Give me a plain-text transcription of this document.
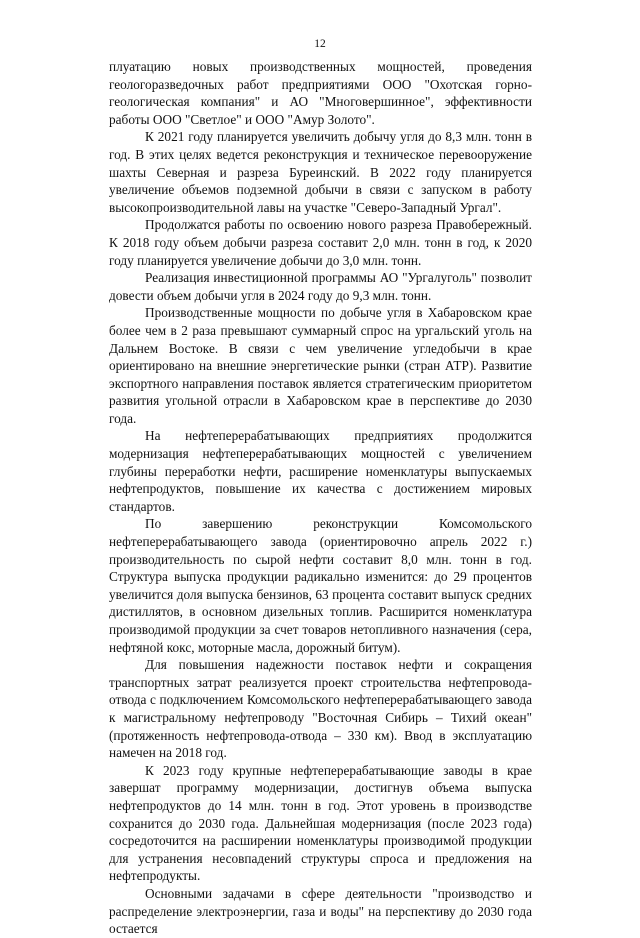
12

плуатацию новых производственных мощностей, проведения геологоразведочных работ предприятиями ООО "Охотская горно-геологическая компания" и АО "Многовершинное", эффективности работы ООО "Светлое" и ООО "Амур Золото".

К 2021 году планируется увеличить добычу угля до 8,3 млн. тонн в год. В этих целях ведется реконструкция и техническое перевооружение шахты Северная и разреза Буреинский. В 2022 году планируется увеличение объемов подземной добычи в связи с запуском в работу высокопроизводительной лавы на участке "Северо-Западный Ургал".

Продолжатся работы по освоению нового разреза Правобережный. К 2018 году объем добычи разреза составит 2,0 млн. тонн в год, к 2020 году планируется увеличение добычи до 3,0 млн. тонн.

Реализация инвестиционной программы АО "Ургалуголь" позволит довести объем добычи угля в 2024 году до 9,3 млн. тонн.

Производственные мощности по добыче угля в Хабаровском крае более чем в 2 раза превышают суммарный спрос на ургальский уголь на Дальнем Востоке. В связи с чем увеличение угледобычи в крае ориентировано на внешние энергетические рынки (стран АТР). Развитие экспортного направления поставок является стратегическим приоритетом развития угольной отрасли в Хабаровском крае в перспективе до 2030 года.

На нефтеперерабатывающих предприятиях продолжится модернизация нефтеперерабатывающих мощностей с увеличением глубины переработки нефти, расширение номенклатуры выпускаемых нефтепродуктов, повышение их качества с достижением мировых стандартов.

По завершению реконструкции Комсомольского нефтеперерабатывающего завода (ориентировочно апрель 2022 г.) производительность по сырой нефти составит 8,0 млн. тонн в год. Структура выпуска продукции радикально изменится: до 29 процентов увеличится доля выпуска бензинов, 63 процента составит выпуск средних дистиллятов, в основном дизельных топлив. Расширится номенклатура производимой продукции за счет товаров нетопливного назначения (сера, нефтяной кокс, моторные масла, дорожный битум).

Для повышения надежности поставок нефти и сокращения транспортных затрат реализуется проект строительства нефтепровода-отвода с подключением Комсомольского нефтеперерабатывающего завода к магистральному нефтепроводу "Восточная Сибирь – Тихий океан" (протяженность нефтепровода-отвода – 330 км). Ввод в эксплуатацию намечен на 2018 год.

К 2023 году крупные нефтеперерабатывающие заводы в крае завершат программу модернизации, достигнув объема выпуска нефтепродуктов до 14 млн. тонн в год. Этот уровень в производстве сохранится до 2030 года. Дальнейшая модернизация (после 2023 года) сосредоточится на расширении номенклатуры производимой продукции для устранения несовпадений структуры спроса и предложения на нефтепродукты.

Основными задачами в сфере деятельности "производство и распределение электроэнергии, газа и воды" на перспективу до 2030 года остается
